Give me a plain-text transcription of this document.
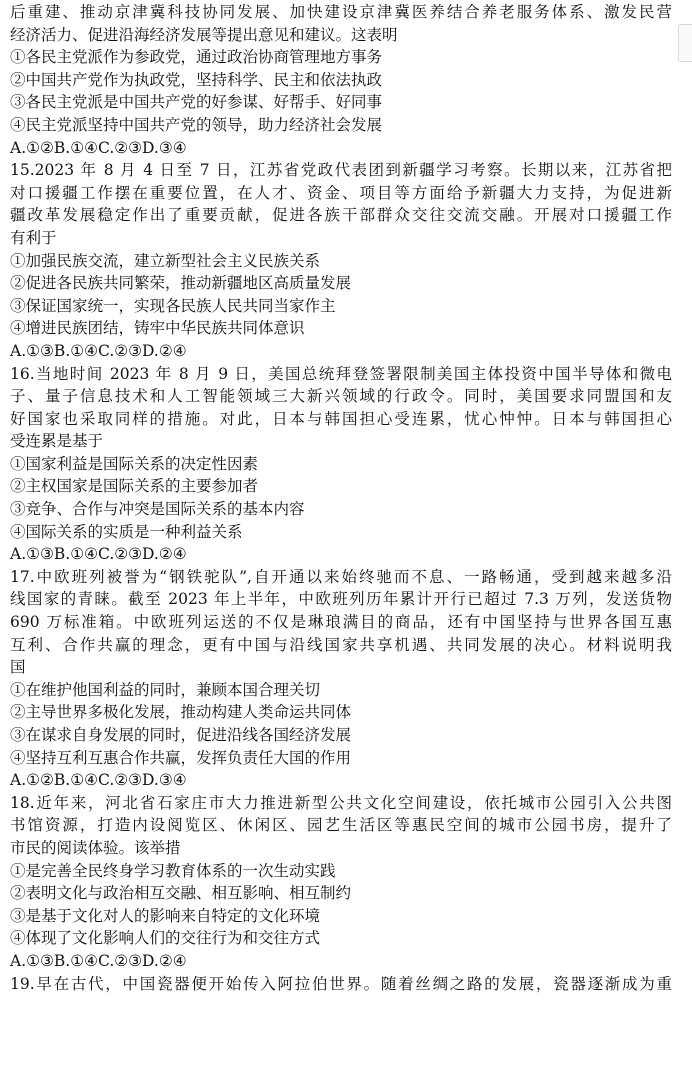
后重建、推动京津冀科技协同发展、加快建设京津冀医养结合养老服务体系、激发民营
经济活力、促进沿海经济发展等提出意见和建议。这表明
①各民主党派作为参政党，通过政治协商管理地方事务
②中国共产党作为执政党，坚持科学、民主和依法执政
③各民主党派是中国共产党的好参谋、好帮手、好同事
④民主党派坚持中国共产党的领导，助力经济社会发展
A.①②B.①④C.②③D.③④
15.2023 年 8 月 4 日至 7 日，江苏省党政代表团到新疆学习考察。长期以来，江苏省把
对口援疆工作摆在重要位置，在人才、资金、项目等方面给予新疆大力支持，为促进新
疆改革发展稳定作出了重要贡献，促进各族干部群众交往交流交融。开展对口援疆工作
有利于
①加强民族交流，建立新型社会主义民族关系
②促进各民族共同繁荣，推动新疆地区高质量发展
③保证国家统一，实现各民族人民共同当家作主
④增进民族团结，铸牢中华民族共同体意识
A.①③B.①④C.②③D.②④
16.当地时间 2023 年 8 月 9 日，美国总统拜登签署限制美国主体投资中国半导体和微电
子、量子信息技术和人工智能领域三大新兴领域的行政令。同时，美国要求同盟国和友
好国家也采取同样的措施。对此，日本与韩国担心受连累，忧心忡忡。日本与韩国担心
受连累是基于
①国家利益是国际关系的决定性因素
②主权国家是国际关系的主要参加者
③竞争、合作与冲突是国际关系的基本内容
④国际关系的实质是一种利益关系
A.①③B.①④C.②③D.②④
17.中欧班列被誉为“钢铁驼队”,自开通以来始终驰而不息、一路畅通，受到越来越多沿
线国家的青睐。截至 2023 年上半年，中欧班列历年累计开行已超过 7.3 万列，发送货物
690 万标准箱。中欧班列运送的不仅是琳琅满目的商品，还有中国坚持与世界各国互惠
互利、合作共赢的理念，更有中国与沿线国家共享机遇、共同发展的决心。材料说明我
国
①在维护他国利益的同时，兼顾本国合理关切
②主导世界多极化发展，推动构建人类命运共同体
③在谋求自身发展的同时，促进沿线各国经济发展
④坚持互利互惠合作共赢，发挥负责任大国的作用
A.①②B.①④C.②③D.③④
18.近年来，河北省石家庄市大力推进新型公共文化空间建设，依托城市公园引入公共图
书馆资源，打造内设阅览区、休闲区、园艺生活区等惠民空间的城市公园书房，提升了
市民的阅读体验。该举措
①是完善全民终身学习教育体系的一次生动实践
②表明文化与政治相互交融、相互影响、相互制约
③是基于文化对人的影响来自特定的文化环境
④体现了文化影响人们的交往行为和交往方式
A.①③B.①④C.②③D.②④
19.早在古代，中国瓷器便开始传入阿拉伯世界。随着丝绸之路的发展，瓷器逐渐成为重
